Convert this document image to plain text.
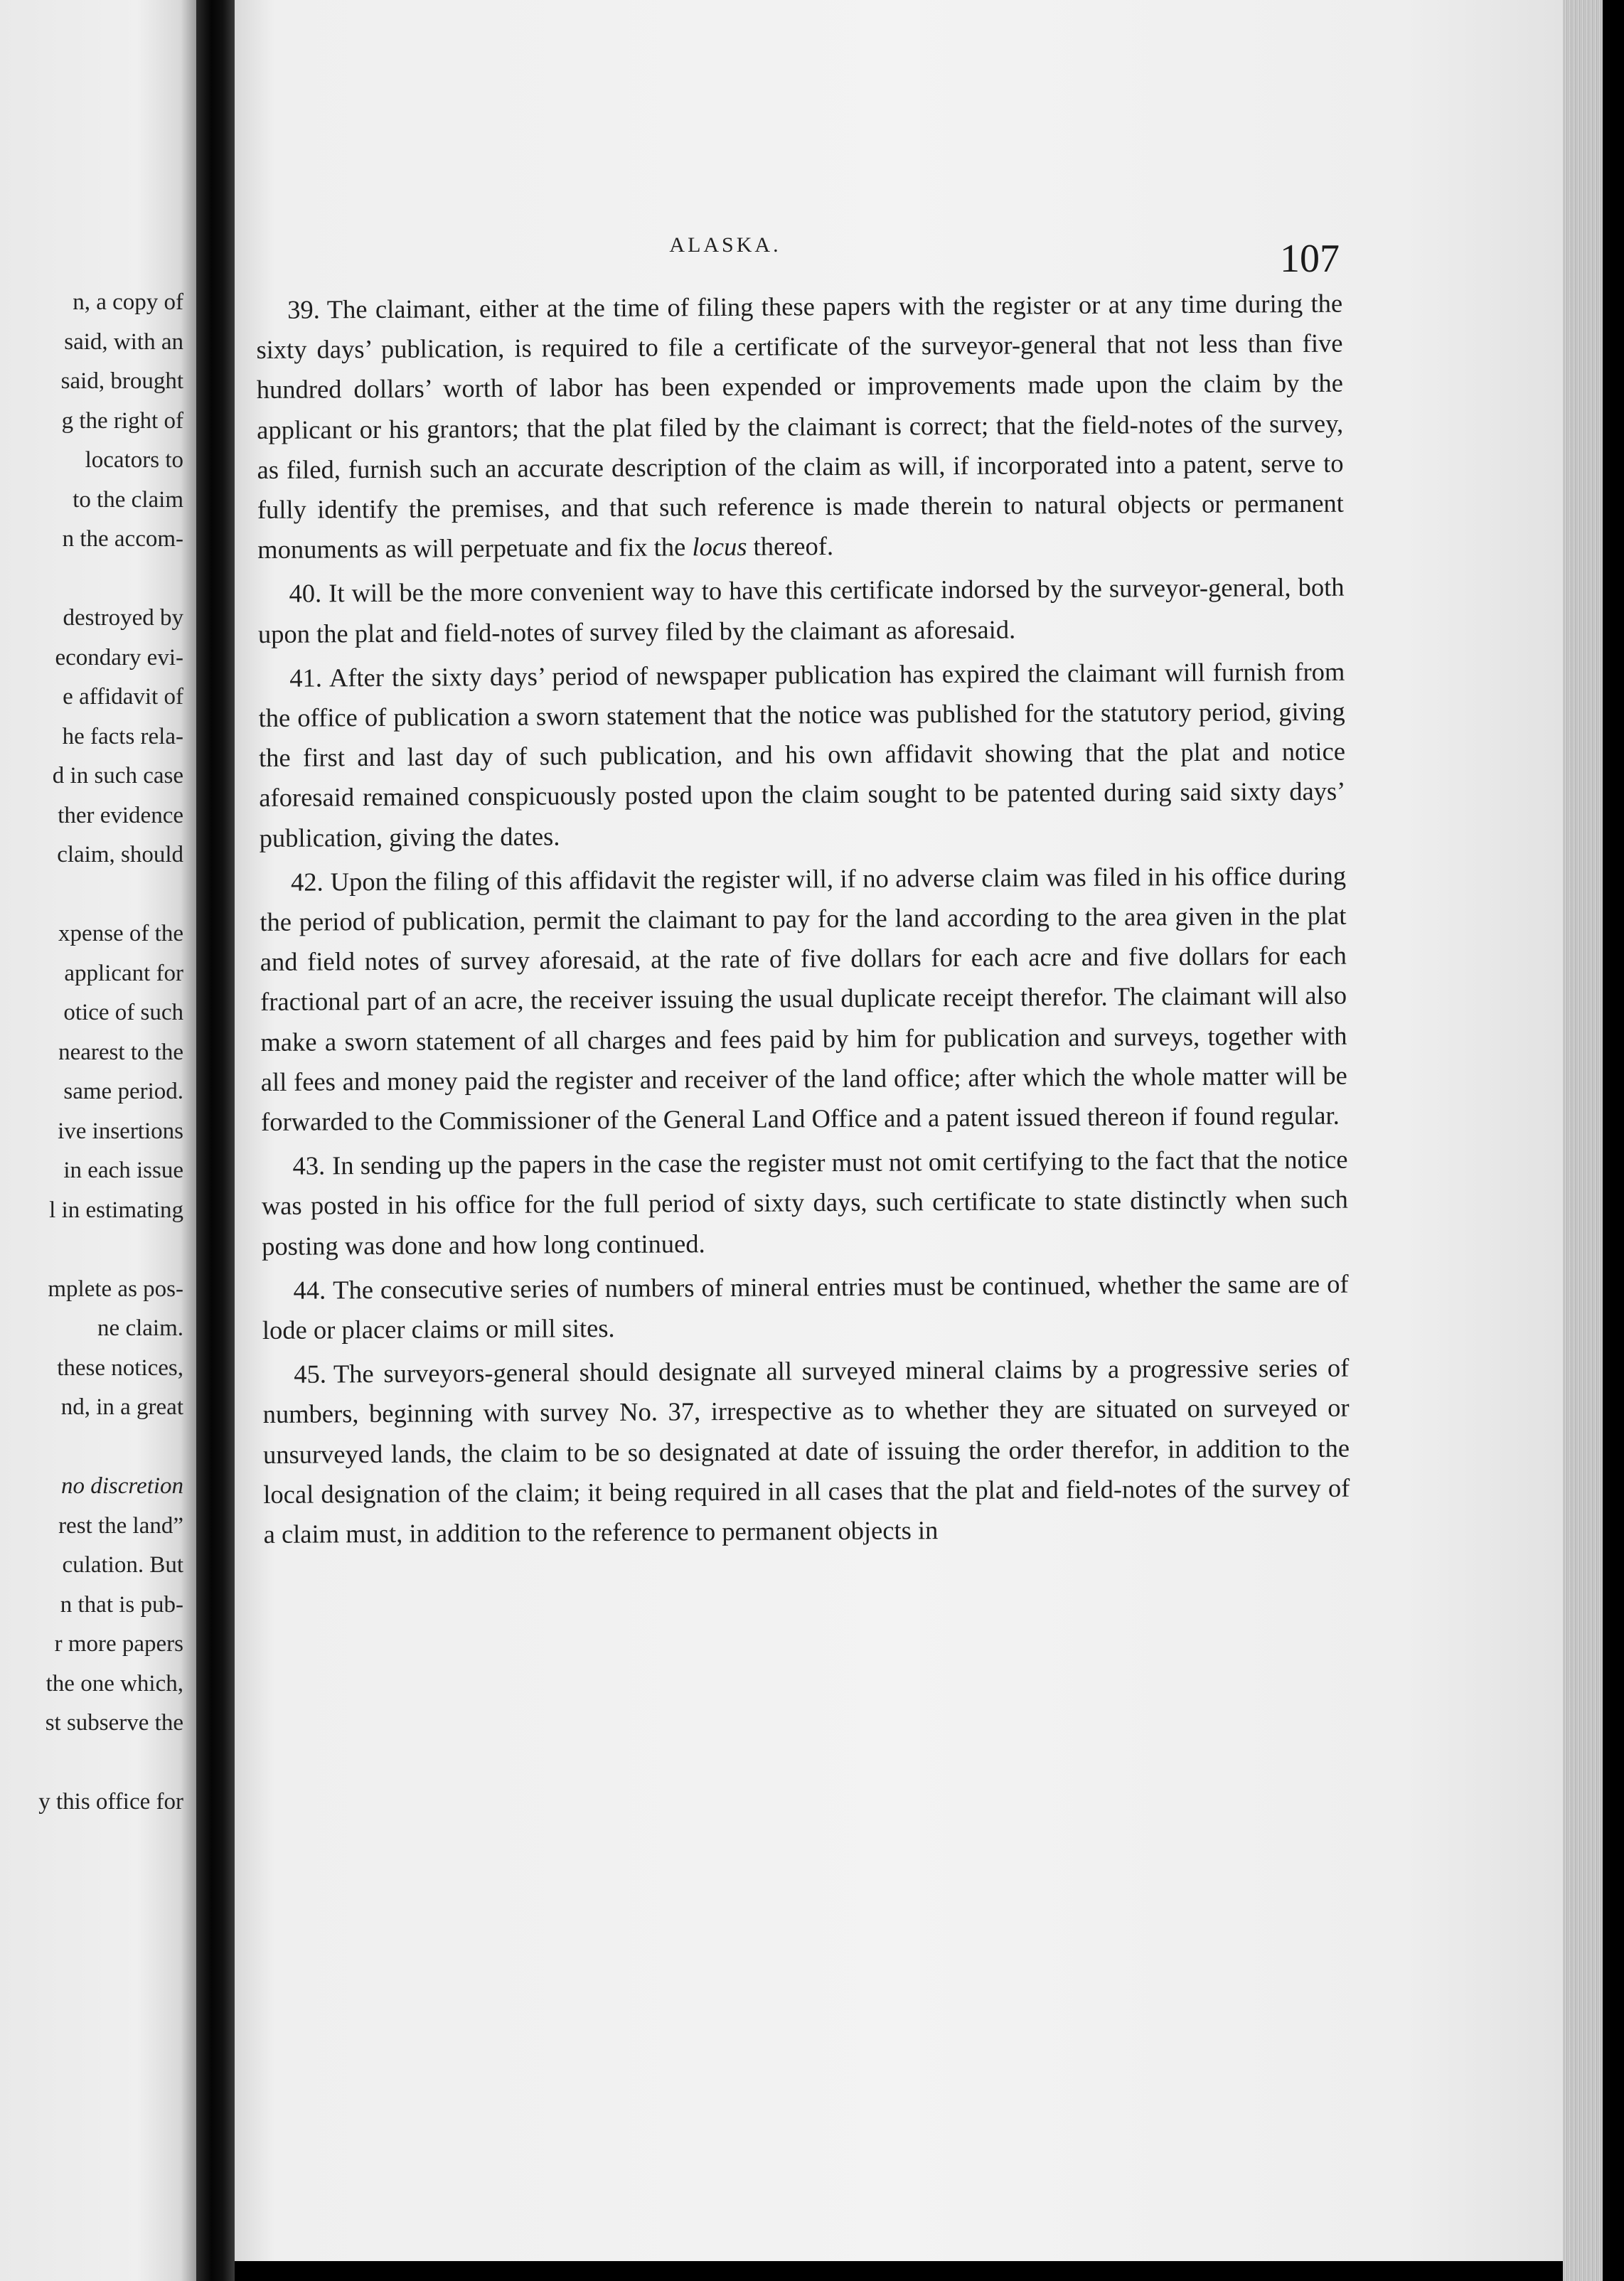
n, a copy of
said, with an
said, brought
g the right of
locators to
to the claim
n the accom-
destroyed by
econdary evi-
e affidavit of
he facts rela-
d in such case
ther evidence
claim, should
xpense of the
applicant for
otice of such
nearest to the
same period.
ive insertions
in each issue
l in estimating
mplete as pos-
ne claim.
these notices,
nd, in a great
no discretion
rest the land”
culation. But
n that is pub-
r more papers
the one which,
st subserve the
y this office for
ALASKA.	107

39. The claimant, either at the time of filing these papers with the register or at any time during the sixty days’ publication, is required to file a certificate of the surveyor-general that not less than five hundred dollars’ worth of labor has been expended or improvements made upon the claim by the applicant or his grantors; that the plat filed by the claimant is correct; that the field-notes of the survey, as filed, furnish such an accurate description of the claim as will, if incorporated into a patent, serve to fully identify the premises, and that such reference is made therein to natural objects or permanent monuments as will perpetuate and fix the locus thereof.

40. It will be the more convenient way to have this certificate indorsed by the surveyor-general, both upon the plat and field-notes of survey filed by the claimant as aforesaid.

41. After the sixty days’ period of newspaper publication has expired the claimant will furnish from the office of publication a sworn statement that the notice was published for the statutory period, giving the first and last day of such publication, and his own affidavit showing that the plat and notice aforesaid remained conspicuously posted upon the claim sought to be patented during said sixty days’ publication, giving the dates.

42. Upon the filing of this affidavit the register will, if no adverse claim was filed in his office during the period of publication, permit the claimant to pay for the land according to the area given in the plat and field notes of survey aforesaid, at the rate of five dollars for each acre and five dollars for each fractional part of an acre, the receiver issuing the usual duplicate receipt therefor. The claimant will also make a sworn statement of all charges and fees paid by him for publication and surveys, together with all fees and money paid the register and receiver of the land office; after which the whole matter will be forwarded to the Commissioner of the General Land Office and a patent issued thereon if found regular.

43. In sending up the papers in the case the register must not omit certifying to the fact that the notice was posted in his office for the full period of sixty days, such certificate to state distinctly when such posting was done and how long continued.

44. The consecutive series of numbers of mineral entries must be continued, whether the same are of lode or placer claims or mill sites.

45. The surveyors-general should designate all surveyed mineral claims by a progressive series of numbers, beginning with survey No. 37, irrespective as to whether they are situated on surveyed or unsurveyed lands, the claim to be so designated at date of issuing the order therefor, in addition to the local designation of the claim; it being required in all cases that the plat and field-notes of the survey of a claim must, in addition to the reference to permanent objects in
